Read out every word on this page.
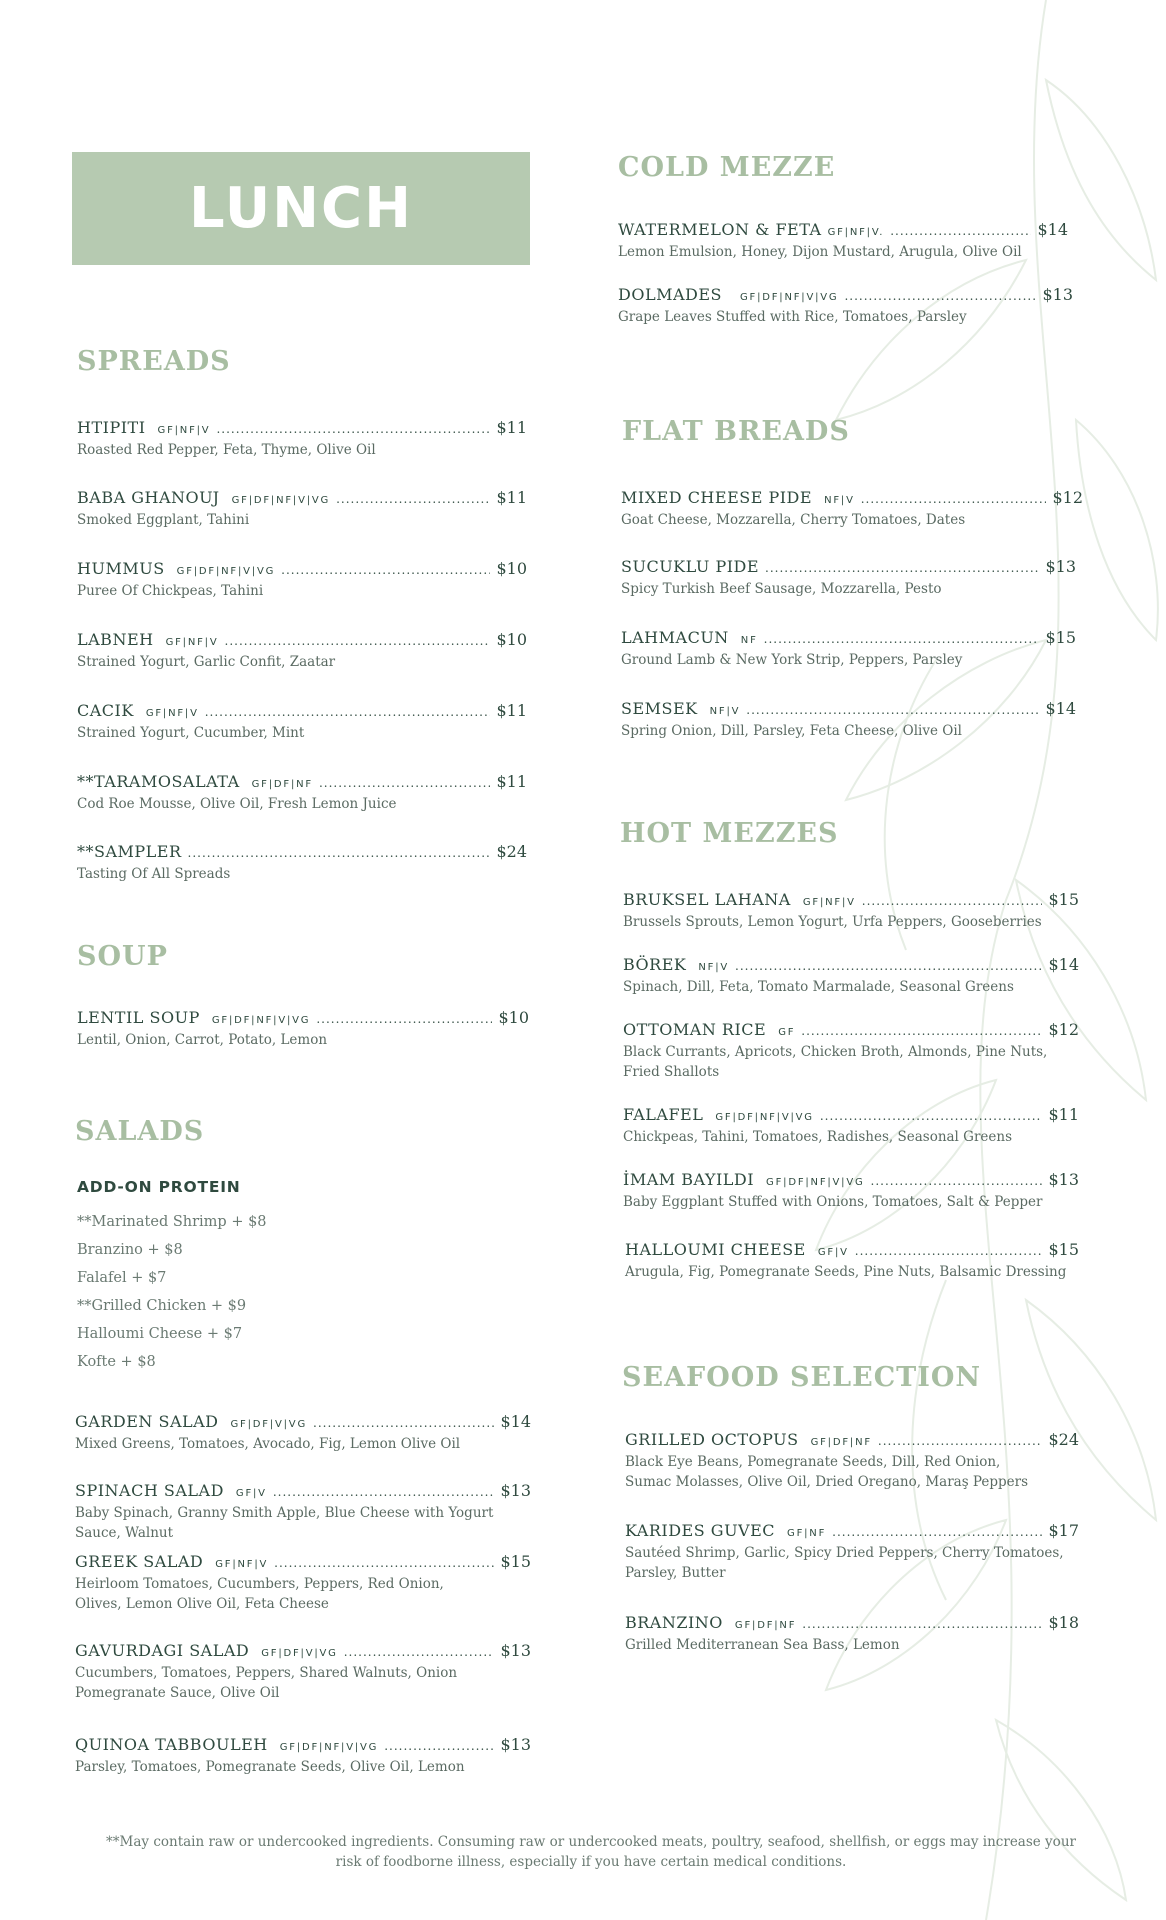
LUNCH
SPREADS
HTIPITI GF|NF|V .....	$11
Roasted Red Pepper, Feta, Thyme, Olive Oil
BABA GHANOUJ GF|DF|NF|V|VG .....	$11
Smoked Eggplant, Tahini
HUMMUS GF|DF|NF|V|VG .....	$10
Puree Of Chickpeas, Tahini
LABNEH GF|NF|V .....	$10
Strained Yogurt, Garlic Confit, Zaatar
CACIK GF|NF|V .....	$11
Strained Yogurt, Cucumber, Mint
**TARAMOSALATA GF|DF|NF .....	$11
Cod Roe Mousse, Olive Oil, Fresh Lemon Juice
**SAMPLER .....	$24
Tasting Of All Spreads
SOUP
LENTIL SOUP GF|DF|NF|V|VG .....	$10
Lentil, Onion, Carrot, Potato, Lemon
SALADS
ADD-ON PROTEIN
**Marinated Shrimp + $8
Branzino + $8
Falafel + $7
**Grilled Chicken + $9
Halloumi Cheese + $7
Kofte + $8
GARDEN SALAD GF|DF|V|VG .....	$14
Mixed Greens, Tomatoes, Avocado, Fig, Lemon Olive Oil
SPINACH SALAD GF|V .....	$13
Baby Spinach, Granny Smith Apple, Blue Cheese with Yogurt Sauce, Walnut
GREEK SALAD GF|NF|V .....	$15
Heirloom Tomatoes, Cucumbers, Peppers, Red Onion, Olives, Lemon Olive Oil, Feta Cheese
GAVURDAGI SALAD GF|DF|V|VG .....	$13
Cucumbers, Tomatoes, Peppers, Shared Walnuts, Onion Pomegranate Sauce, Olive Oil
QUINOA TABBOULEH GF|DF|NF|V|VG .....	$13
Parsley, Tomatoes, Pomegranate Seeds, Olive Oil, Lemon
COLD MEZZE
WATERMELON & FETA GF|NF|V. .....	$14
Lemon Emulsion, Honey, Dijon Mustard, Arugula, Olive Oil
DOLMADES GF|DF|NF|V|VG .....	$13
Grape Leaves Stuffed with Rice, Tomatoes, Parsley
FLAT BREADS
MIXED CHEESE PIDE NF|V .....	$12
Goat Cheese, Mozzarella, Cherry Tomatoes, Dates
SUCUKLU PIDE .....	$13
Spicy Turkish Beef Sausage, Mozzarella, Pesto
LAHMACUN NF .....	$15
Ground Lamb & New York Strip, Peppers, Parsley
SEMSEK NF|V .....	$14
Spring Onion, Dill, Parsley, Feta Cheese, Olive Oil
HOT MEZZES
BRUKSEL LAHANA GF|NF|V .....	$15
Brussels Sprouts, Lemon Yogurt, Urfa Peppers, Gooseberries
BÖREK NF|V .....	$14
Spinach, Dill, Feta, Tomato Marmalade, Seasonal Greens
OTTOMAN RICE GF .....	$12
Black Currants, Apricots, Chicken Broth, Almonds, Pine Nuts, Fried Shallots
FALAFEL GF|DF|NF|V|VG .....	$11
Chickpeas, Tahini, Tomatoes, Radishes, Seasonal Greens
İMAM BAYILDI GF|DF|NF|V|VG .....	$13
Baby Eggplant Stuffed with Onions, Tomatoes, Salt & Pepper
HALLOUMI CHEESE GF|V .....	$15
Arugula, Fig, Pomegranate Seeds, Pine Nuts, Balsamic Dressing
SEAFOOD SELECTION
GRILLED OCTOPUS GF|DF|NF .....	$24
Black Eye Beans, Pomegranate Seeds, Dill, Red Onion, Sumac Molasses, Olive Oil, Dried Oregano, Maraş Peppers
KARIDES GUVEC GF|NF .....	$17
Sautéed Shrimp, Garlic, Spicy Dried Peppers, Cherry Tomatoes, Parsley, Butter
BRANZINO GF|DF|NF .....	$18
Grilled Mediterranean Sea Bass, Lemon
**May contain raw or undercooked ingredients. Consuming raw or undercooked meats, poultry, seafood, shellfish, or eggs may increase your risk of foodborne illness, especially if you have certain medical conditions.
